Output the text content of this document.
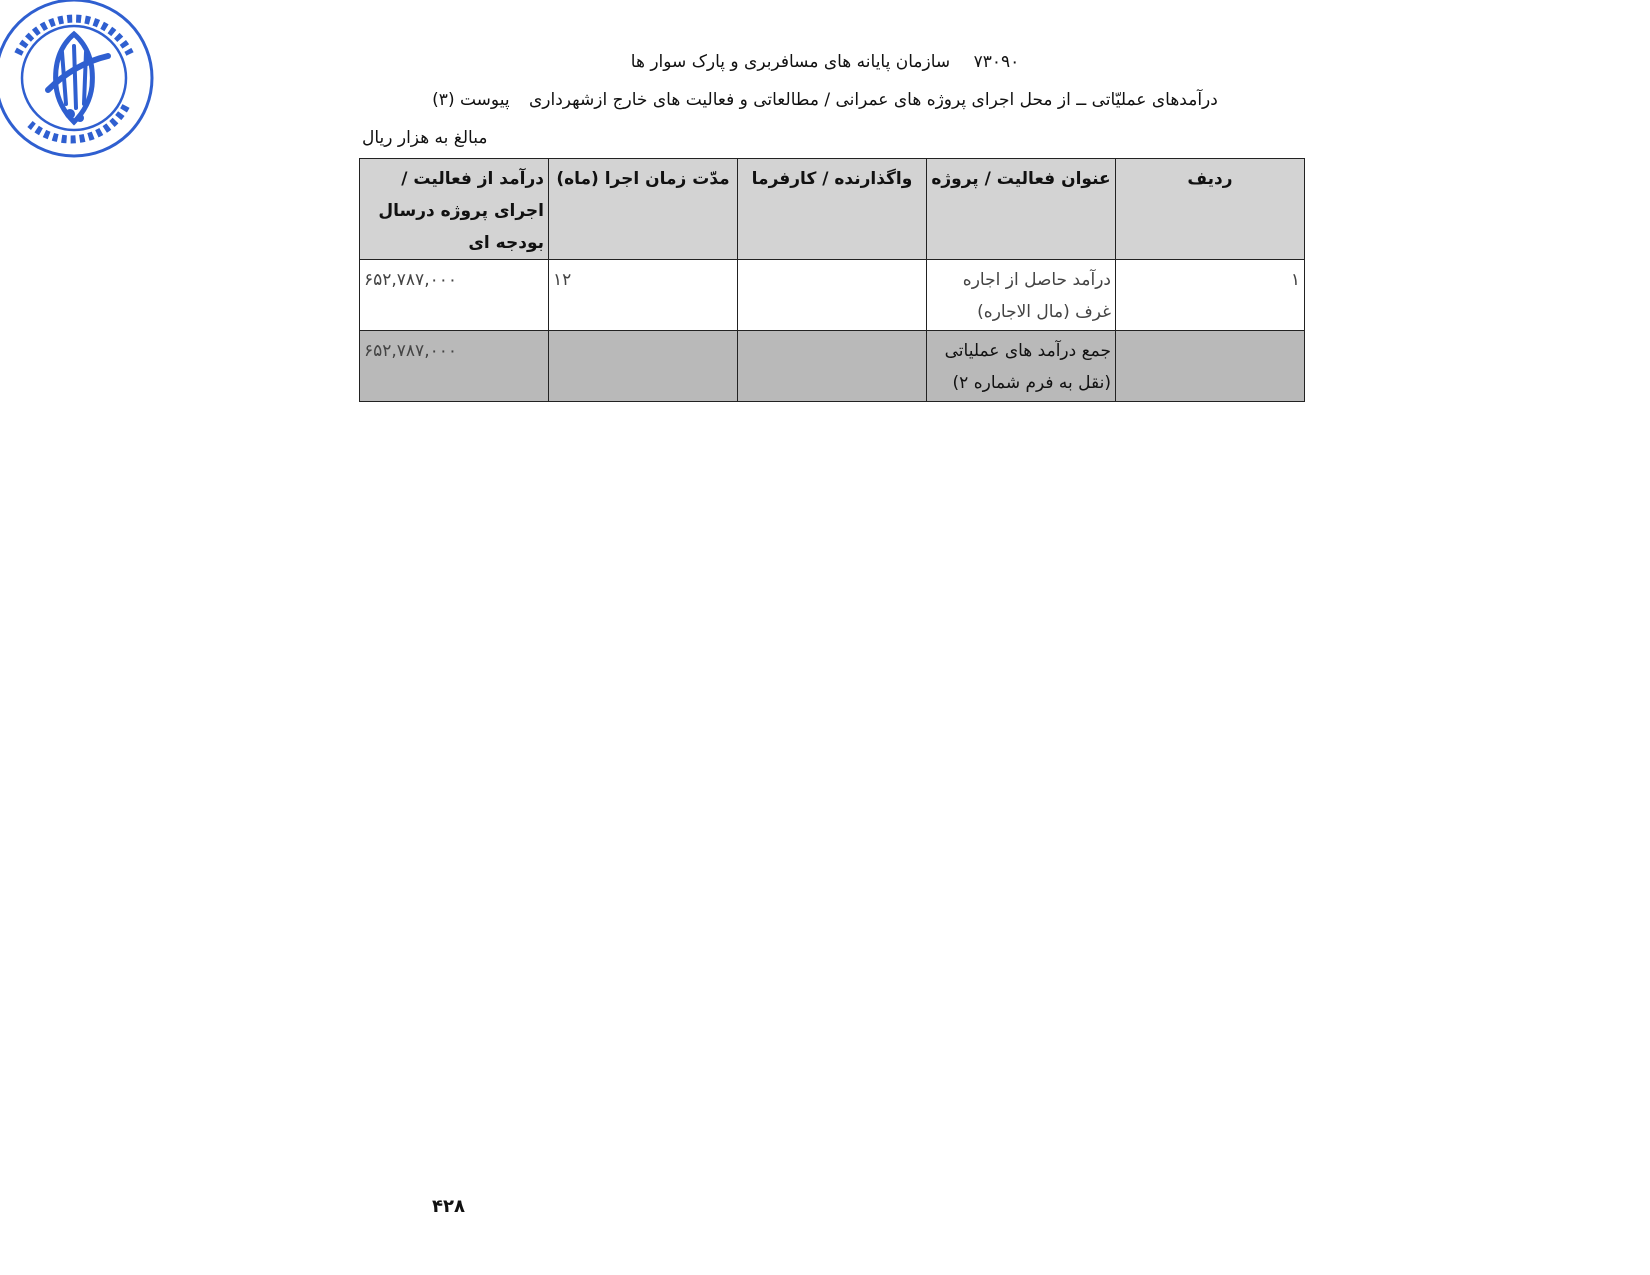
۷۳۰۹۰ سازمان پایانه های مسافربری و پارک سوار ها
درآمدهای عملیّاتی ــ از محل اجرای پروژه های عمرانی / مطالعاتی و فعالیت های خارج ازشهرداری پیوست (۳)
مبالغ به هزار ریال
ردیف	عنوان فعالیت / پروژه	واگذارنده / کارفرما	مدّت زمان اجرا (ماه)	درآمد از فعالیت / اجرای پروژه درسال بودجه ای
۱	درآمد حاصل از اجاره غرف (مال الاجاره)		۱۲	۶۵۲,۷۸۷,۰۰۰
	جمع درآمد های عملیاتی (نقل به فرم شماره ۲)			۶۵۲,۷۸۷,۰۰۰
۴۲۸
